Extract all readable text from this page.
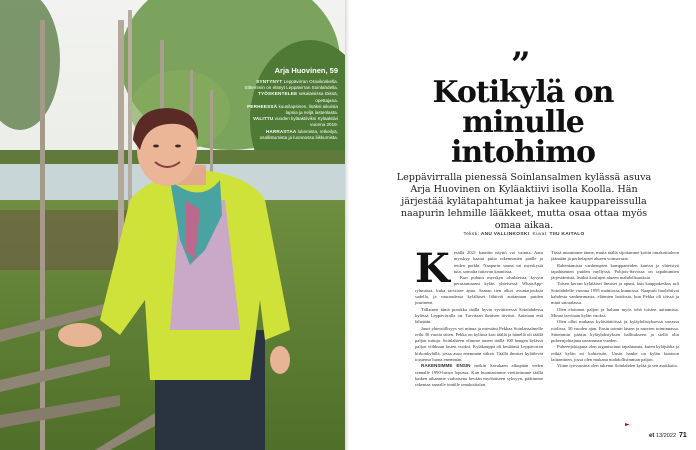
Arja Huovinen, 59

SYNTYNYT Leppävirran Oravikoskella. Sittemmin on elänyt Leppävirran Soinlahdella.

TYÖSKENTELEE sekalaisissa töissä, opettajana.

PERHEESSÄ kuusilapsinen, lisäksi aikuisia lapsia ja neljä lastenlasta.

VALITTU vuoden kyläaktiiviksi Kyläaktiivi vuonna 2019.

HARRASTAA lukemista, retkeilyä, osallistumista ja luonnossa liikkumista.

”
Kotikylä on
minulle
intohimo
Leppävirralla pienessä Soinlansalmen kylässä asuva Arja Huovinen on Kyläaktiivi isolla Koolla. Hän järjestää kylätapahtumat ja hakee kauppareissulla naapurin lehmille lääkkeet, mutta osaa ottaa myös omaa aikaa.
Teksti: ANU VALLINKOSKI Kuvat: TIIU KAITALO

Kesällä 2021 kauniin näyttö voi vaimia. Aatu myrskyy kaatui puita rakennusten päälle ja teiden poikki. Naapurin sauna sai myrskystä tuta, somalta tuttavan kauniissa.

Kun puhuin myrskyn olsuhteista, kysyin perustamaansi kylän yhteisessä WhatsApp-ryhmässä, kuka tarvitsee apua. Saman tien alkoi avuntarjouksia sadella, ja vauraudessa kyläläiset lähtivät auttamaan puiden juurineen.

Tällainen tämä porukka täällä hyvin syvätieressä Soinlahdessa kylässä Leppävirralla on. Tarvitaan ihmisen tiiviisti. Autetaan että lähetään.

Juuri yhteisöllisyys vei minua ja miestäni Pekkaa Soinlansalmelle reilu 30 vuotta sitten. Pekka on kylässä koti täällä ja hänellä oli täällä paljon tuttuja. Soinlahteen olimme tuneet täällä 100 hengen kylässä paljon viihkuun lasten vuoksi. Kyläkauppa oli kesäänsä Leppävirran kirkonkylällä, jossa asuu enemmän väkeä. Täällä ihmiset kyläilevät toistensa luona enemmän.

RAKENSIMME ENSIN mökin Savakaen alkupään veden rannalle 1990-luvun lopussa. Kun huomasimme viettävämme täällä kaiken aikamme varhaisena kevään myöhäiseen syksyyn, päätimme rakentaa samalle tontille omakotitalon.

Tässä muutimme tänne, mutta täällä sijoitamme kotiin omakotitaloon jäämään ja perhelapset alueen voimavarat.

Rakentamista vanhempien kumppaneiden kanssa ja yhteistyö tapahtumien puiden myllyssä. Pohjois-Savossa on tapahtumien järjestämistä, lisäksi koulujen alueen mahdollisuuksia.

Toisen kerran kyläläiset ihmiset ja apuni, kun kauppakeskus tuli Soinlahdelle vuonna 1995 mainiossa kunnossa. Naapurit huolehtivat kahdesta vanhemmasta, eläimien hoidosta, kun Pekka oli töissä ja minä sairaalassa.

Olen elottanut paljon ja haluan myös tehä toisten auttamista. Minua tarvitaan kylän vuoksi.

Olen ollut mukana kyläsäätiöissä ja kyläyhdistyksessä useassa roolissa, 30 vuoden ajan. Ensin toimin lasten ja nuorten toiminnassa. Sittemmin pääsin kyläyhdistyksen hallitukseen ja siellä olin puheenjohtajana useamman vuoden.

Puheenjohtajana olen organisoinut tapahtumia, kuten kyläjuhlia ja retkiä kylän eri kohteisiin. Uusin hanke on kylän kuntoon laittaminen, jossa olen mukana mahdollisimman paljon.

Viime työvuosina olen tukenut Soinlahden kylää ja sen asukkaita.

►
et 13/2022 71
